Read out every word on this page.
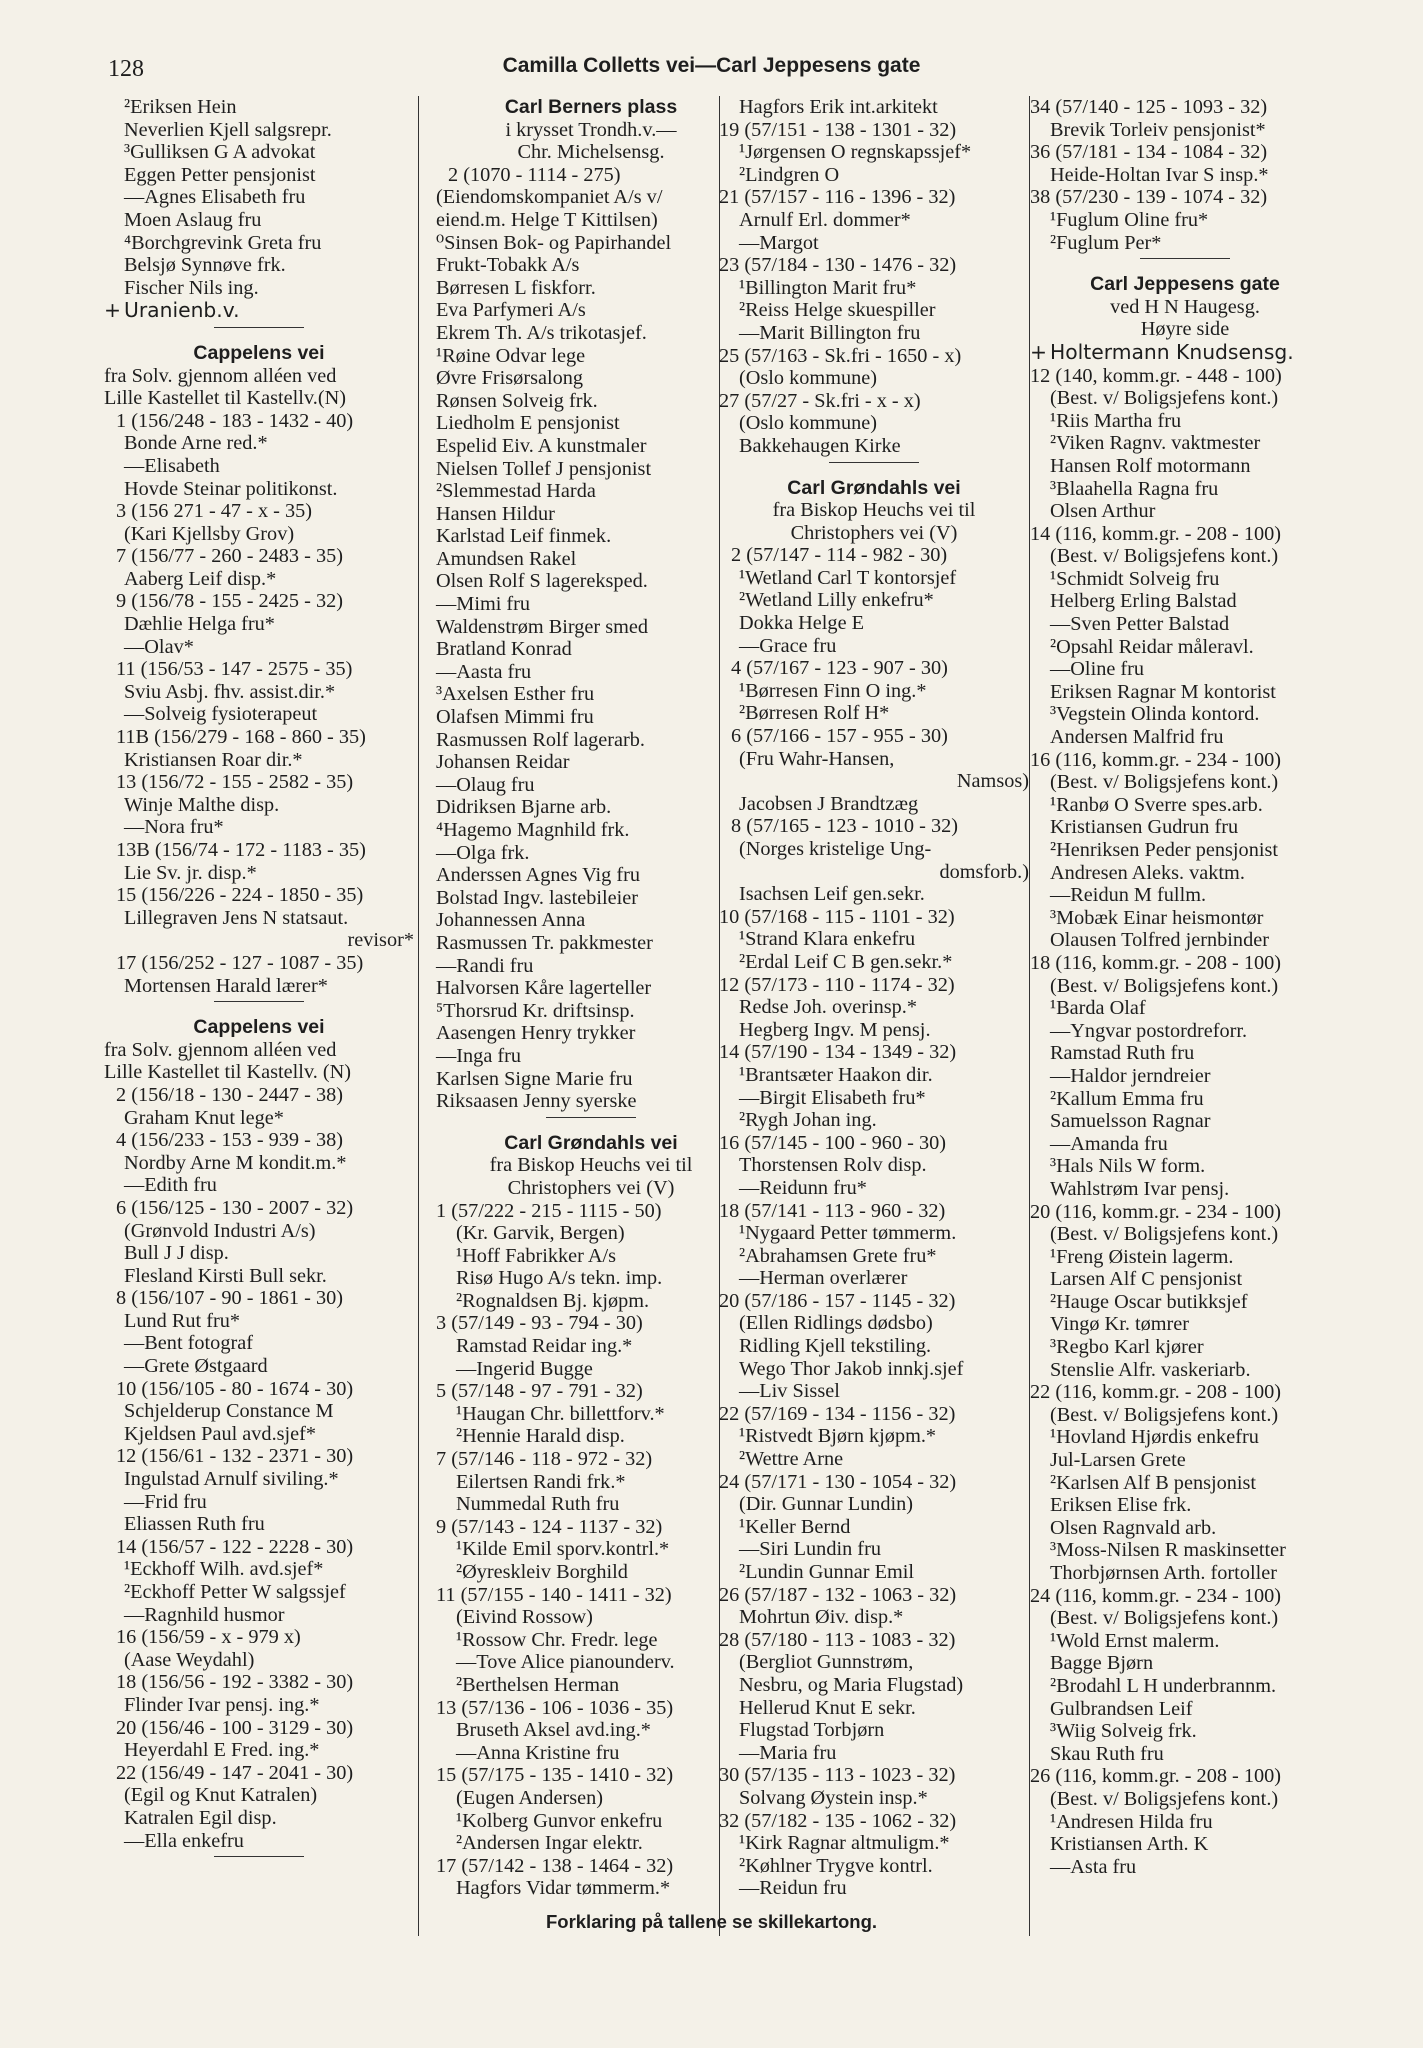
128	Camilla Colletts vei—Carl Jeppesens gate
²Eriksen Hein
Neverlien Kjell salgsrepr.
³Gulliksen G A advokat
Eggen Petter pensjonist
—Agnes Elisabeth fru
Moen Aslaug fru
⁴Borchgrevink Greta fru
Belsjø Synnøve frk.
Fischer Nils ing.
+ Uranienb.v.
Cappelens vei
fra Solv. gjennom alléen ved
Lille Kastellet til Kastellv.(N)
1 (156/248 - 183 - 1432 - 40)
Bonde Arne red.*
—Elisabeth
Hovde Steinar politikonst.
3 (156 271 - 47 - x - 35)
(Kari Kjellsby Grov)
7 (156/77 - 260 - 2483 - 35)
Aaberg Leif disp.*
9 (156/78 - 155 - 2425 - 32)
Dæhlie Helga fru*
—Olav*
11 (156/53 - 147 - 2575 - 35)
Sviu Asbj. fhv. assist.dir.*
—Solveig fysioterapeut
11B (156/279 - 168 - 860 - 35)
Kristiansen Roar dir.*
13 (156/72 - 155 - 2582 - 35)
Winje Malthe disp.
—Nora fru*
13B (156/74 - 172 - 1183 - 35)
Lie Sv. jr. disp.*
15 (156/226 - 224 - 1850 - 35)
Lillegraven Jens N statsaut.
revisor*
17 (156/252 - 127 - 1087 - 35)
Mortensen Harald lærer*
Cappelens vei
fra Solv. gjennom alléen ved
Lille Kastellet til Kastellv. (N)
2 (156/18 - 130 - 2447 - 38)
Graham Knut lege*
4 (156/233 - 153 - 939 - 38)
Nordby Arne M kondit.m.*
—Edith fru
6 (156/125 - 130 - 2007 - 32)
(Grønvold Industri A/s)
Bull J J disp.
Flesland Kirsti Bull sekr.
8 (156/107 - 90 - 1861 - 30)
Lund Rut fru*
—Bent fotograf
—Grete Østgaard
10 (156/105 - 80 - 1674 - 30)
Schjelderup Constance M
Kjeldsen Paul avd.sjef*
12 (156/61 - 132 - 2371 - 30)
Ingulstad Arnulf siviling.*
—Frid fru
Eliassen Ruth fru
14 (156/57 - 122 - 2228 - 30)
¹Eckhoff Wilh. avd.sjef*
²Eckhoff Petter W salgssjef
—Ragnhild husmor
16 (156/59 - x - 979 x)
(Aase Weydahl)
18 (156/56 - 192 - 3382 - 30)
Flinder Ivar pensj. ing.*
20 (156/46 - 100 - 3129 - 30)
Heyerdahl E Fred. ing.*
22 (156/49 - 147 - 2041 - 30)
(Egil og Knut Katralen)
Katralen Egil disp.
—Ella enkefru
Carl Berners plass
i krysset Trondh.v.—
Chr. Michelsensg.
2 (1070 - 1114 - 275)
(Eiendomskompaniet A/s v/
eiend.m. Helge T Kittilsen)
⁰Sinsen Bok- og Papirhandel
Frukt-Tobakk A/s
Børresen L fiskforr.
Eva Parfymeri A/s
Ekrem Th. A/s trikotasjef.
¹Røine Odvar lege
Øvre Frisørsalong
Rønsen Solveig frk.
Liedholm E pensjonist
Espelid Eiv. A kunstmaler
Nielsen Tollef J pensjonist
²Slemmestad Harda
Hansen Hildur
Karlstad Leif finmek.
Amundsen Rakel
Olsen Rolf S lagereksped.
—Mimi fru
Waldenstrøm Birger smed
Bratland Konrad
—Aasta fru
³Axelsen Esther fru
Olafsen Mimmi fru
Rasmussen Rolf lagerarb.
Johansen Reidar
—Olaug fru
Didriksen Bjarne arb.
⁴Hagemo Magnhild frk.
—Olga frk.
Anderssen Agnes Vig fru
Bolstad Ingv. lastebileier
Johannessen Anna
Rasmussen Tr. pakkmester
—Randi fru
Halvorsen Kåre lagerteller
⁵Thorsrud Kr. driftsinsp.
Aasengen Henry trykker
—Inga fru
Karlsen Signe Marie fru
Riksaasen Jenny syerske
Carl Grøndahls vei
fra Biskop Heuchs vei til
Christophers vei (V)
1 (57/222 - 215 - 1115 - 50)
(Kr. Garvik, Bergen)
¹Hoff Fabrikker A/s
Risø Hugo A/s tekn. imp.
²Rognaldsen Bj. kjøpm.
3 (57/149 - 93 - 794 - 30)
Ramstad Reidar ing.*
—Ingerid Bugge
5 (57/148 - 97 - 791 - 32)
¹Haugan Chr. billettforv.*
²Hennie Harald disp.
7 (57/146 - 118 - 972 - 32)
Eilertsen Randi frk.*
Nummedal Ruth fru
9 (57/143 - 124 - 1137 - 32)
¹Kilde Emil sporv.kontrl.*
²Øyreskleiv Borghild
11 (57/155 - 140 - 1411 - 32)
(Eivind Rossow)
¹Rossow Chr. Fredr. lege
—Tove Alice pianounderv.
²Berthelsen Herman
13 (57/136 - 106 - 1036 - 35)
Bruseth Aksel avd.ing.*
—Anna Kristine fru
15 (57/175 - 135 - 1410 - 32)
(Eugen Andersen)
¹Kolberg Gunvor enkefru
²Andersen Ingar elektr.
17 (57/142 - 138 - 1464 - 32)
Hagfors Vidar tømmerm.*
Hagfors Erik int.arkitekt
19 (57/151 - 138 - 1301 - 32)
¹Jørgensen O regnskapssjef*
²Lindgren O
21 (57/157 - 116 - 1396 - 32)
Arnulf Erl. dommer*
—Margot
23 (57/184 - 130 - 1476 - 32)
¹Billington Marit fru*
²Reiss Helge skuespiller
—Marit Billington fru
25 (57/163 - Sk.fri - 1650 - x)
(Oslo kommune)
27 (57/27 - Sk.fri - x - x)
(Oslo kommune)
Bakkehaugen Kirke
Carl Grøndahls vei
fra Biskop Heuchs vei til
Christophers vei (V)
2 (57/147 - 114 - 982 - 30)
¹Wetland Carl T kontorsjef
²Wetland Lilly enkefru*
Dokka Helge E
—Grace fru
4 (57/167 - 123 - 907 - 30)
¹Børresen Finn O ing.*
²Børresen Rolf H*
6 (57/166 - 157 - 955 - 30)
(Fru Wahr-Hansen,
Namsos)
Jacobsen J Brandtzæg
8 (57/165 - 123 - 1010 - 32)
(Norges kristelige Ung-
domsforb.)
Isachsen Leif gen.sekr.
10 (57/168 - 115 - 1101 - 32)
¹Strand Klara enkefru
²Erdal Leif C B gen.sekr.*
12 (57/173 - 110 - 1174 - 32)
Redse Joh. overinsp.*
Hegberg Ingv. M pensj.
14 (57/190 - 134 - 1349 - 32)
¹Brantsæter Haakon dir.
—Birgit Elisabeth fru*
²Rygh Johan ing.
16 (57/145 - 100 - 960 - 30)
Thorstensen Rolv disp.
—Reidunn fru*
18 (57/141 - 113 - 960 - 32)
¹Nygaard Petter tømmerm.
²Abrahamsen Grete fru*
—Herman overlærer
20 (57/186 - 157 - 1145 - 32)
(Ellen Ridlings dødsbo)
Ridling Kjell tekstiling.
Wego Thor Jakob innkj.sjef
—Liv Sissel
22 (57/169 - 134 - 1156 - 32)
¹Ristvedt Bjørn kjøpm.*
²Wettre Arne
24 (57/171 - 130 - 1054 - 32)
(Dir. Gunnar Lundin)
¹Keller Bernd
—Siri Lundin fru
²Lundin Gunnar Emil
26 (57/187 - 132 - 1063 - 32)
Mohrtun Øiv. disp.*
28 (57/180 - 113 - 1083 - 32)
(Bergliot Gunnstrøm,
Nesbru, og Maria Flugstad)
Hellerud Knut E sekr.
Flugstad Torbjørn
—Maria fru
30 (57/135 - 113 - 1023 - 32)
Solvang Øystein insp.*
32 (57/182 - 135 - 1062 - 32)
¹Kirk Ragnar altmuligm.*
²Køhlner Trygve kontrl.
—Reidun fru
34 (57/140 - 125 - 1093 - 32)
Brevik Torleiv pensjonist*
36 (57/181 - 134 - 1084 - 32)
Heide-Holtan Ivar S insp.*
38 (57/230 - 139 - 1074 - 32)
¹Fuglum Oline fru*
²Fuglum Per*
Carl Jeppesens gate
ved H N Haugesg.
Høyre side
+ Holtermann Knudsensg.
12 (140, komm.gr. - 448 - 100)
(Best. v/ Boligsjefens kont.)
¹Riis Martha fru
²Viken Ragnv. vaktmester
Hansen Rolf motormann
³Blaahella Ragna fru
Olsen Arthur
14 (116, komm.gr. - 208 - 100)
(Best. v/ Boligsjefens kont.)
¹Schmidt Solveig fru
Helberg Erling Balstad
—Sven Petter Balstad
²Opsahl Reidar måleravl.
—Oline fru
Eriksen Ragnar M kontorist
³Vegstein Olinda kontord.
Andersen Malfrid fru
16 (116, komm.gr. - 234 - 100)
(Best. v/ Boligsjefens kont.)
¹Ranbø O Sverre spes.arb.
Kristiansen Gudrun fru
²Henriksen Peder pensjonist
Andresen Aleks. vaktm.
—Reidun M fullm.
³Mobæk Einar heismontør
Olausen Tolfred jernbinder
18 (116, komm.gr. - 208 - 100)
(Best. v/ Boligsjefens kont.)
¹Barda Olaf
—Yngvar postordreforr.
Ramstad Ruth fru
—Haldor jerndreier
²Kallum Emma fru
Samuelsson Ragnar
—Amanda fru
³Hals Nils W form.
Wahlstrøm Ivar pensj.
20 (116, komm.gr. - 234 - 100)
(Best. v/ Boligsjefens kont.)
¹Freng Øistein lagerm.
Larsen Alf C pensjonist
²Hauge Oscar butikksjef
Vingø Kr. tømrer
³Regbo Karl kjører
Stenslie Alfr. vaskeriarb.
22 (116, komm.gr. - 208 - 100)
(Best. v/ Boligsjefens kont.)
¹Hovland Hjørdis enkefru
Jul-Larsen Grete
²Karlsen Alf B pensjonist
Eriksen Elise frk.
Olsen Ragnvald arb.
³Moss-Nilsen R maskinsetter
Thorbjørnsen Arth. fortoller
24 (116, komm.gr. - 234 - 100)
(Best. v/ Boligsjefens kont.)
¹Wold Ernst malerm.
Bagge Bjørn
²Brodahl L H underbrannm.
Gulbrandsen Leif
³Wiig Solveig frk.
Skau Ruth fru
26 (116, komm.gr. - 208 - 100)
(Best. v/ Boligsjefens kont.)
¹Andresen Hilda fru
Kristiansen Arth. K
—Asta fru
Forklaring på tallene se skillekartong.
